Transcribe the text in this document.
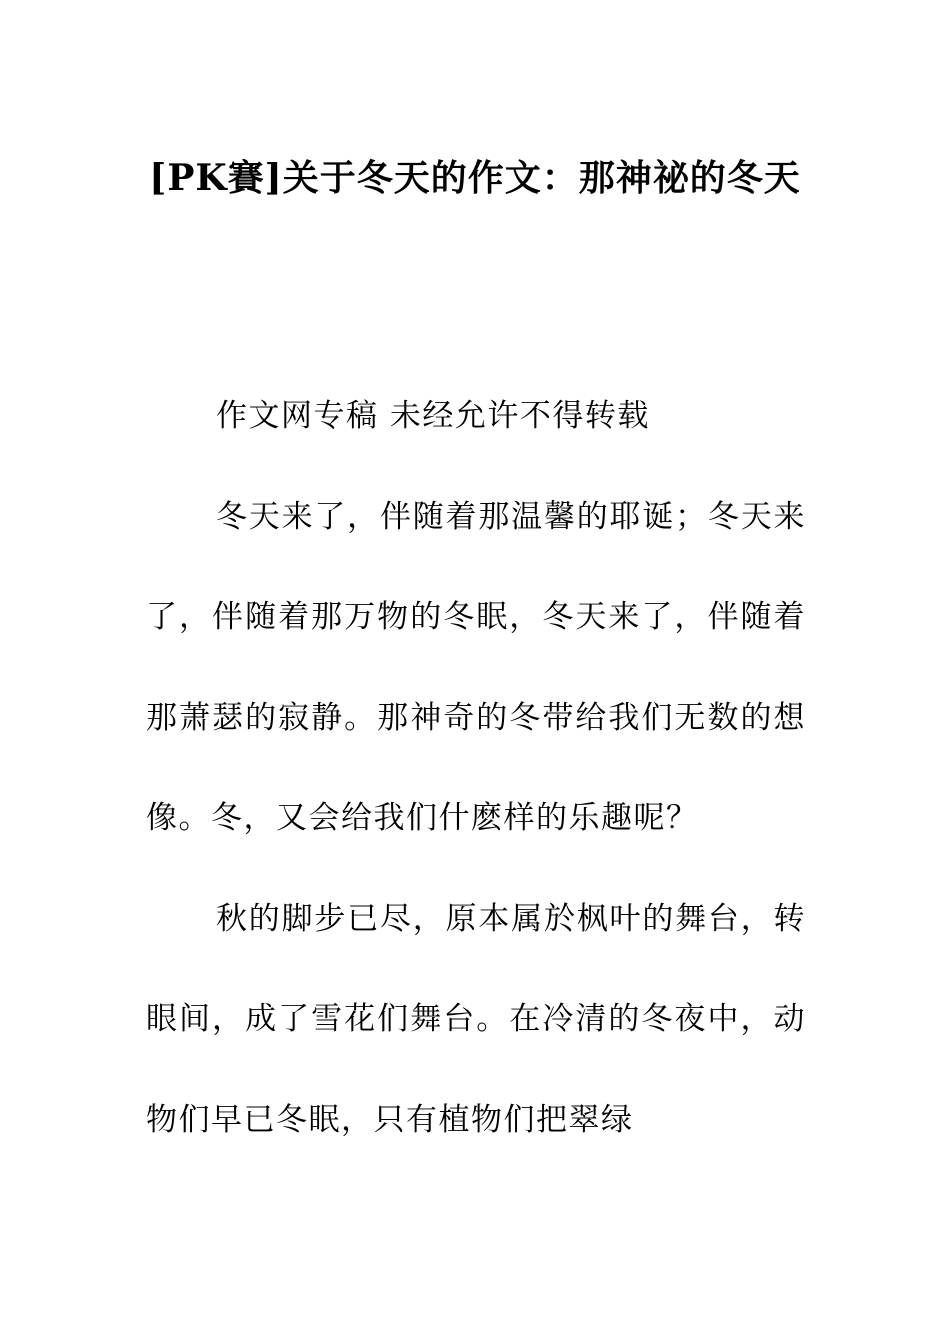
[PK賽]关于冬天的作文：那神祕的冬天

作文网专稿 未经允许不得转载

冬天来了，伴随着那温馨的耶诞；冬天来了，伴随着那万物的冬眠，冬天来了，伴随着那萧瑟的寂静。那神奇的冬带给我们无数的想像。冬，又会给我们什麽样的乐趣呢？

秋的脚步已尽，原本属於枫叶的舞台，转眼间，成了雪花们舞台。在冷清的冬夜中，动物们早已冬眠，只有植物们把翠绿
